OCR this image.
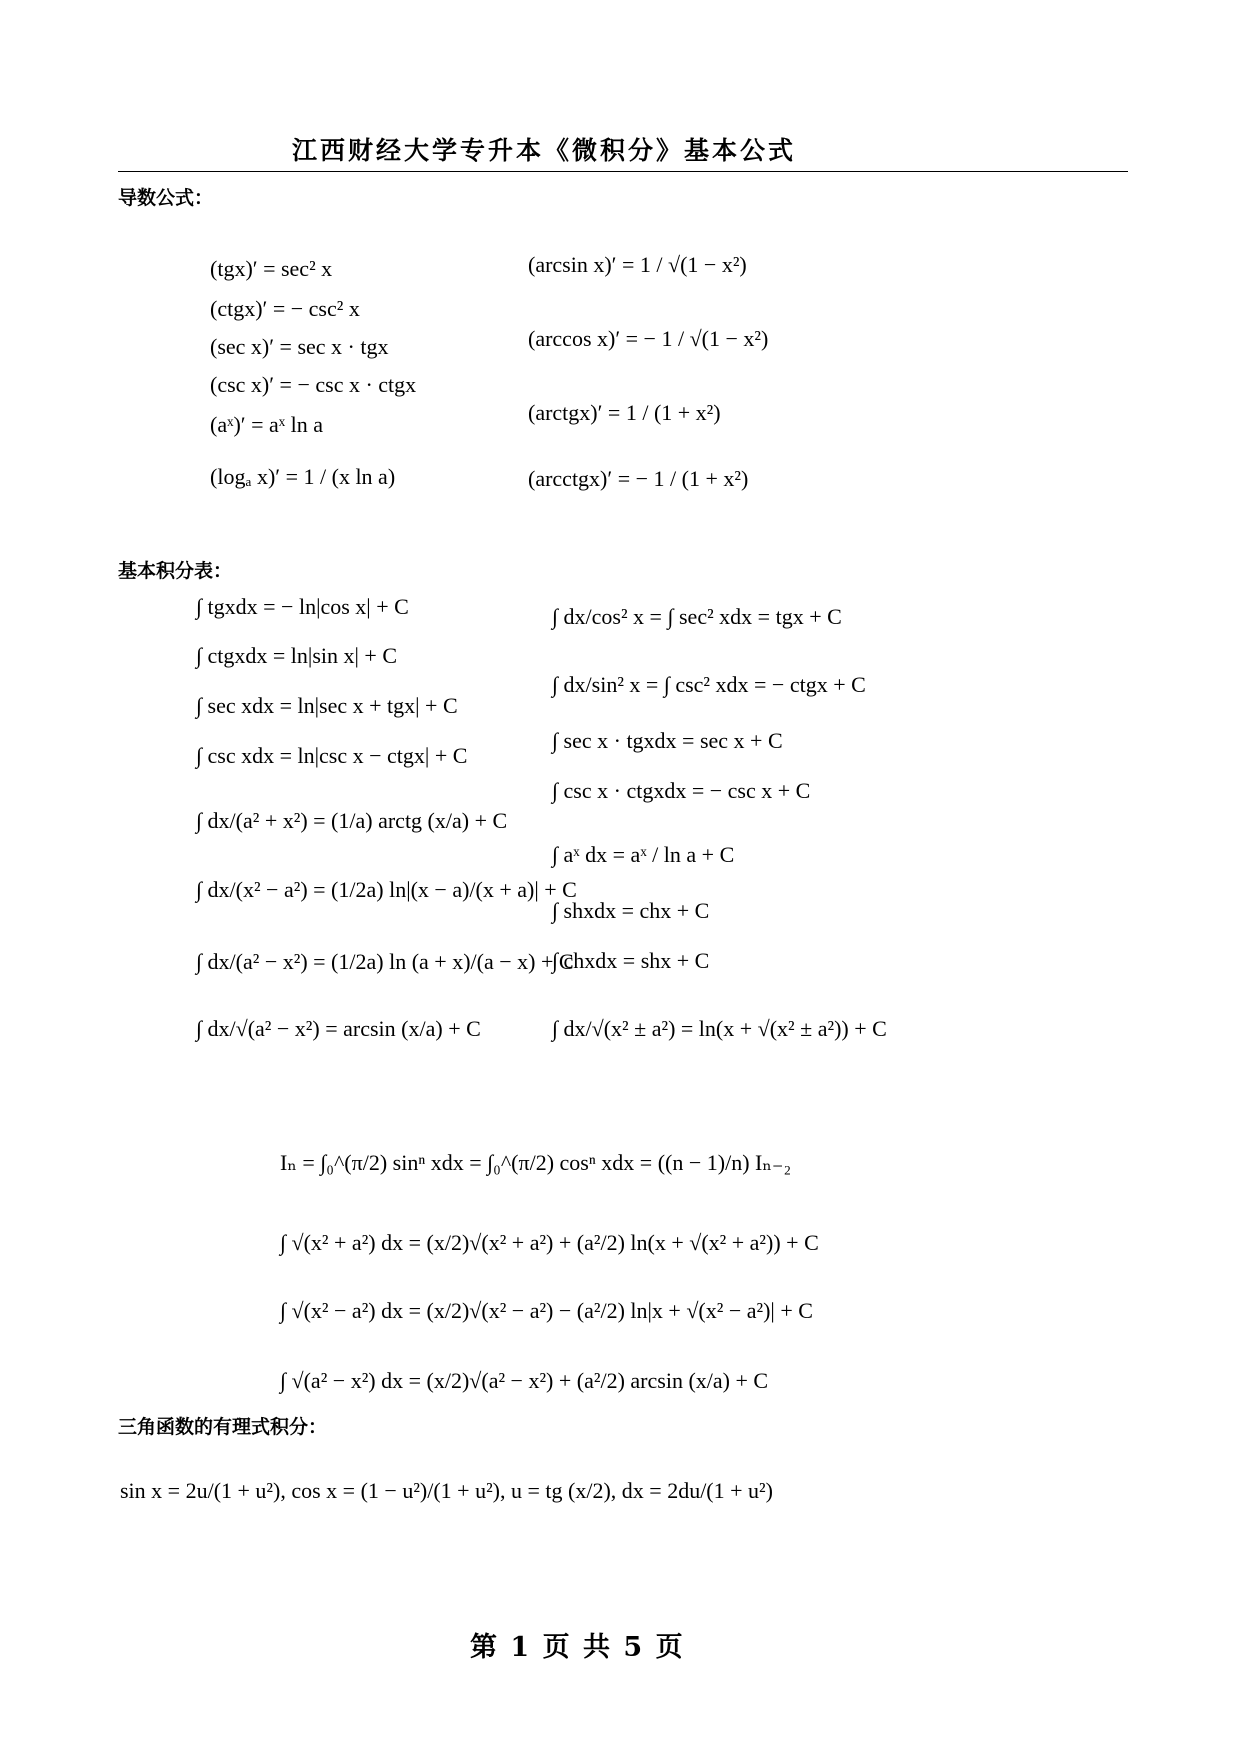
江西财经大学专升本《微积分》基本公式
导数公式：
(tgx)′ = sec² x
(ctgx)′ = − csc² x
(sec x)′ = sec x · tgx
(csc x)′ = − csc x · ctgx
(aˣ)′ = aˣ ln a
(logₐ x)′ = 1 / (x ln a)
(arcsin x)′ = 1 / √(1 − x²)
(arccos x)′ = − 1 / √(1 − x²)
(arctgx)′ = 1 / (1 + x²)
(arcctgx)′ = − 1 / (1 + x²)
基本积分表：
∫ tgxdx = − ln|cos x| + C
∫ ctgxdx = ln|sin x| + C
∫ sec xdx = ln|sec x + tgx| + C
∫ csc xdx = ln|csc x − ctgx| + C
∫ dx/(a² + x²) = (1/a) arctg (x/a) + C
∫ dx/(x² − a²) = (1/2a) ln|(x − a)/(x + a)| + C
∫ dx/(a² − x²) = (1/2a) ln (a + x)/(a − x) + C
∫ dx/√(a² − x²) = arcsin (x/a) + C
∫ dx/cos² x = ∫ sec² xdx = tgx + C
∫ dx/sin² x = ∫ csc² xdx = − ctgx + C
∫ sec x · tgxdx = sec x + C
∫ csc x · ctgxdx = − csc x + C
∫ aˣ dx = aˣ / ln a + C
∫ shxdx = chx + C
∫ chxdx = shx + C
∫ dx/√(x² ± a²) = ln(x + √(x² ± a²)) + C
Iₙ = ∫₀^(π/2) sinⁿ xdx = ∫₀^(π/2) cosⁿ xdx = ((n − 1)/n) Iₙ₋₂
∫ √(x² + a²) dx = (x/2)√(x² + a²) + (a²/2) ln(x + √(x² + a²)) + C
∫ √(x² − a²) dx = (x/2)√(x² − a²) − (a²/2) ln|x + √(x² − a²)| + C
∫ √(a² − x²) dx = (x/2)√(a² − x²) + (a²/2) arcsin (x/a) + C
三角函数的有理式积分：
sin x = 2u/(1 + u²), cos x = (1 − u²)/(1 + u²), u = tg (x/2), dx = 2du/(1 + u²)
第 1 页 共 5 页
